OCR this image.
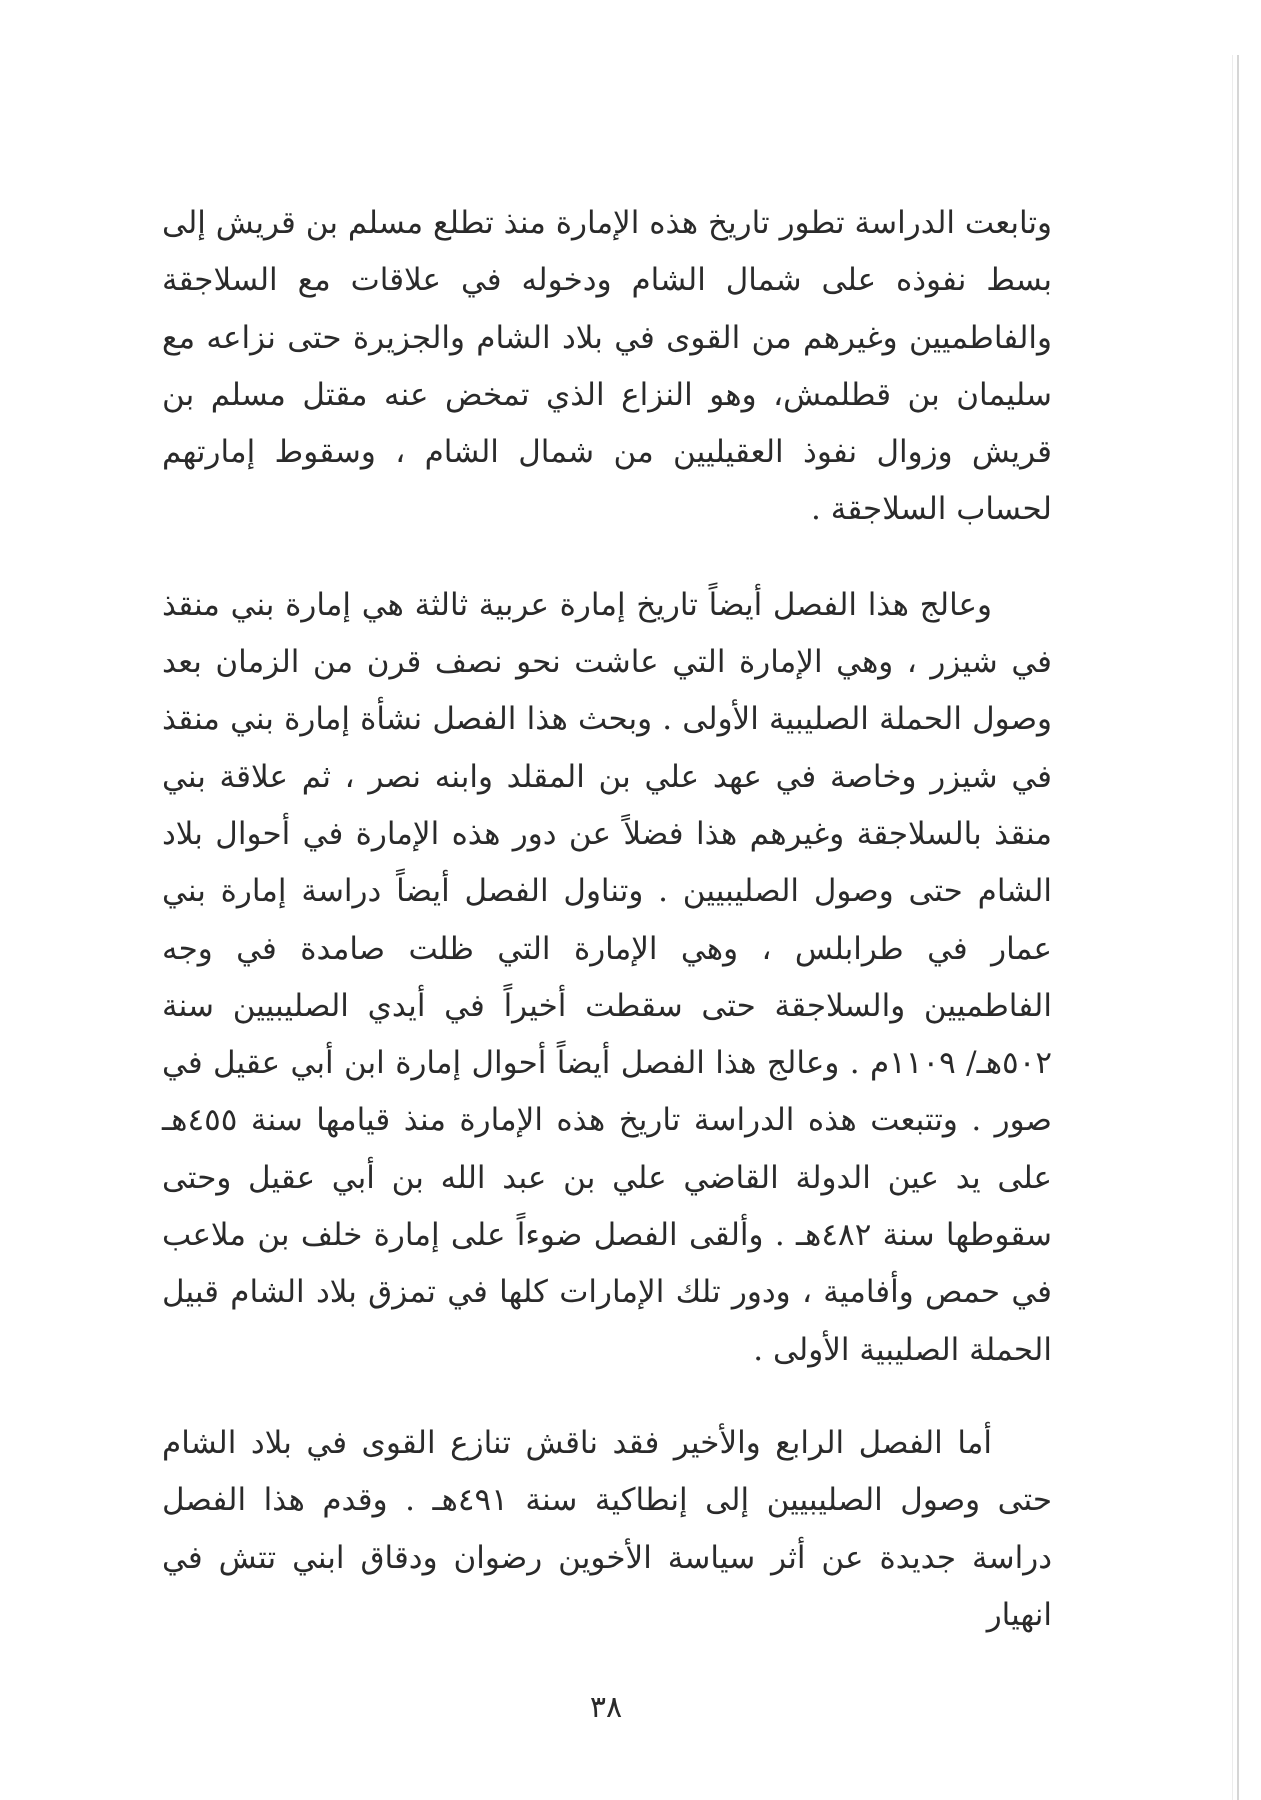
وتابعت الدراسة تطور تاريخ هذه الإمارة منذ تطلع مسلم بن قريش إلى بسط نفوذه على شمال الشام ودخوله في علاقات مع السلاجقة والفاطميين وغيرهم من القوى في بلاد الشام والجزيرة حتى نزاعه مع سليمان بن قطلمش، وهو النزاع الذي تمخض عنه مقتل مسلم بن قريش وزوال نفوذ العقيليين من شمال الشام ، وسقوط إمارتهم لحساب السلاجقة .

وعالج هذا الفصل أيضاً تاريخ إمارة عربية ثالثة هي إمارة بني منقذ في شيزر ، وهي الإمارة التي عاشت نحو نصف قرن من الزمان بعد وصول الحملة الصليبية الأولى . وبحث هذا الفصل نشأة إمارة بني منقذ في شيزر وخاصة في عهد علي بن المقلد وابنه نصر ، ثم علاقة بني منقذ بالسلاجقة وغيرهم هذا فضلاً عن دور هذه الإمارة في أحوال بلاد الشام حتى وصول الصليبيين . وتناول الفصل أيضاً دراسة إمارة بني عمار في طرابلس ، وهي الإمارة التي ظلت صامدة في وجه الفاطميين والسلاجقة حتى سقطت أخيراً في أيدي الصليبيين سنة ٥٠٢هـ/ ١١٠٩م . وعالج هذا الفصل أيضاً أحوال إمارة ابن أبي عقيل في صور . وتتبعت هذه الدراسة تاريخ هذه الإمارة منذ قيامها سنة ٤٥٥هـ على يد عين الدولة القاضي علي بن عبد الله بن أبي عقيل وحتى سقوطها سنة ٤٨٢هـ . وألقى الفصل ضوءاً على إمارة خلف بن ملاعب في حمص وأفامية ، ودور تلك الإمارات كلها في تمزق بلاد الشام قبيل الحملة الصليبية الأولى .

أما الفصل الرابع والأخير فقد ناقش تنازع القوى في بلاد الشام حتى وصول الصليبيين إلى إنطاكية سنة ٤٩١هـ . وقدم هذا الفصل دراسة جديدة عن أثر سياسة الأخوين رضوان ودقاق ابني تتش في انهيار

٣٨
